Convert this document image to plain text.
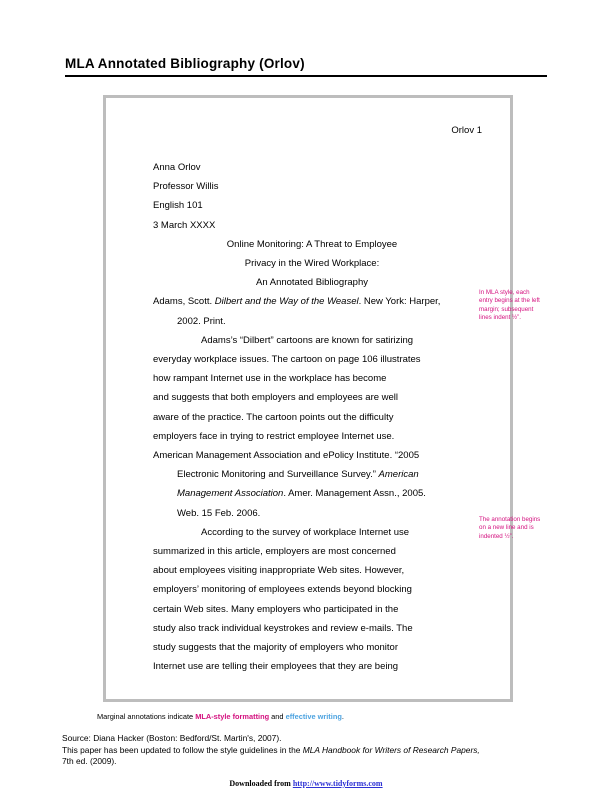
MLA Annotated Bibliography (Orlov)
Orlov 1
Anna Orlov
Professor Willis
English 101
3 March XXXX
Online Monitoring: A Threat to Employee
Privacy in the Wired Workplace:
An Annotated Bibliography
Adams, Scott. Dilbert and the Way of the Weasel. New York: Harper,
2002. Print.
Adams’s “Dilbert” cartoons are known for satirizing
everyday workplace issues. The cartoon on page 106 illustrates
how rampant Internet use in the workplace has become
and suggests that both employers and employees are well
aware of the practice. The cartoon points out the difficulty
employers face in trying to restrict employee Internet use.
American Management Association and ePolicy Institute. “2005
Electronic Monitoring and Surveillance Survey.” American
Management Association. Amer. Management Assn., 2005.
Web. 15 Feb. 2006.
According to the survey of workplace Internet use
summarized in this article, employers are most concerned
about employees visiting inappropriate Web sites. However,
employers’ monitoring of employees extends beyond blocking
certain Web sites. Many employers who participated in the
study also track individual keystrokes and review e-mails. The
study suggests that the majority of employers who monitor
Internet use are telling their employees that they are being
In MLA style, each entry begins at the left margin; subsequent lines indent ½”.
The annotation begins on a new line and is indented ½”.
Marginal annotations indicate MLA-style formatting and effective writing.
Source: Diana Hacker (Boston: Bedford/St. Martin's, 2007).
This paper has been updated to follow the style guidelines in the MLA Handbook for Writers of Research Papers,
7th ed. (2009).
Downloaded from http://www.tidyforms.com
